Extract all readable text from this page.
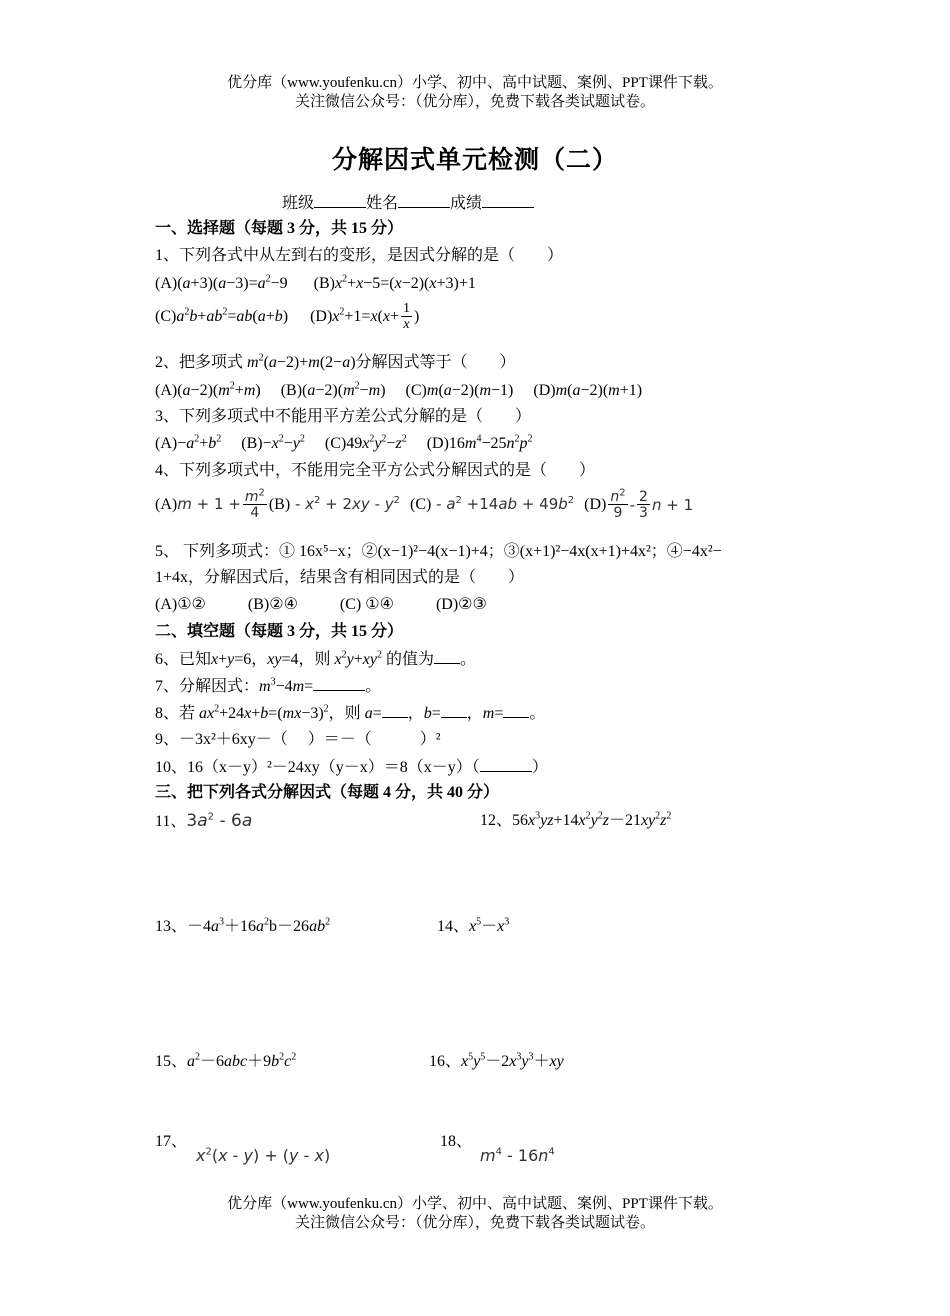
优分库（www.youfenku.cn）小学、初中、高中试题、案例、PPT课件下载。
关注微信公众号：（优分库），免费下载各类试题试卷。
分解因式单元检测（二）
班级	姓名	成绩
一、选择题（每题 3 分，共 15 分）
1、下列各式中从左到右的变形，是因式分解的是（　　）
$(A)(a+3)(a-3)=a^2-9$ $(B)x^2+x-5=(x-2)(x+3)+1$
$(C)a^2b+ab^2=ab(a+b)$ $(D)x^2+1=x(x+ \frac{1}{x}$ )
2、把多项式 $m^2(a-2)+m(2-a)$分解因式等于（　　）
$(A)(a-2)(m^2+m)$ $(B)(a-2)(m^2-m)$ (C)m(a−2)(m−1) (D)m(a−2)(m+1)
3、下列多项式中不能用平方差公式分解的是（　　）
$(A)-a^2+b^2$ $(B)-x^2-y^2$ $(C)49x^2y^2-z^2$ $(D)16m^4-25n^2p^2$
4、下列多项式中，不能用完全平方公式分解因式的是（　　）
$(A)m + 1 + \frac{m^2}{4} (B) - x^2 + 2xy - y^2$ $(C) - a^2 +14ab + 49b^2$ $(D) \frac{n^2}{9} - \frac{2}{3}$ n + 1
5、 下列多项式：① 16x⁵−x；②(x−1)²−4(x−1)+4；③(x+1)²−4x(x+1)+4x²；④−4x²−
1+4x，分解因式后，结果含有相同因式的是（　　）
(A)①②	(B)②④	(C) ①④	(D)②③
二、填空题（每题 3 分，共 15 分）
6、已知x+y=6，xy=4，则 $x^2y+xy^2$ 的值为 。
7、分解因式：$m^3-4m=$	。
8、若 $ax^2+24x+b=(mx-3)^2$，则 a= ，b= ，m= 。
9、－3x²＋6xy－（　 ）＝－（　　　）²
10、16（x－y）²－24xy（y－x）＝8（x－y）（	）
三、把下列各式分解因式（每题 4 分，共 40 分）
11、$3a^2 - 6a$	12、$56x^3yz+14x^2y^2z-21xy^2z^2$
13、$-4a^3+16a^2b-26ab^2$	14、$x^5-x^3$
15、$a^2-6abc+9b^2c^2$	16、$x^5y^5-2x^3y^3+xy$
17、
$x^2(x - y) + (y - x)$
18、
$m^4 - 16n^4$
优分库（www.youfenku.cn）小学、初中、高中试题、案例、PPT课件下载。
关注微信公众号：（优分库），免费下载各类试题试卷。
